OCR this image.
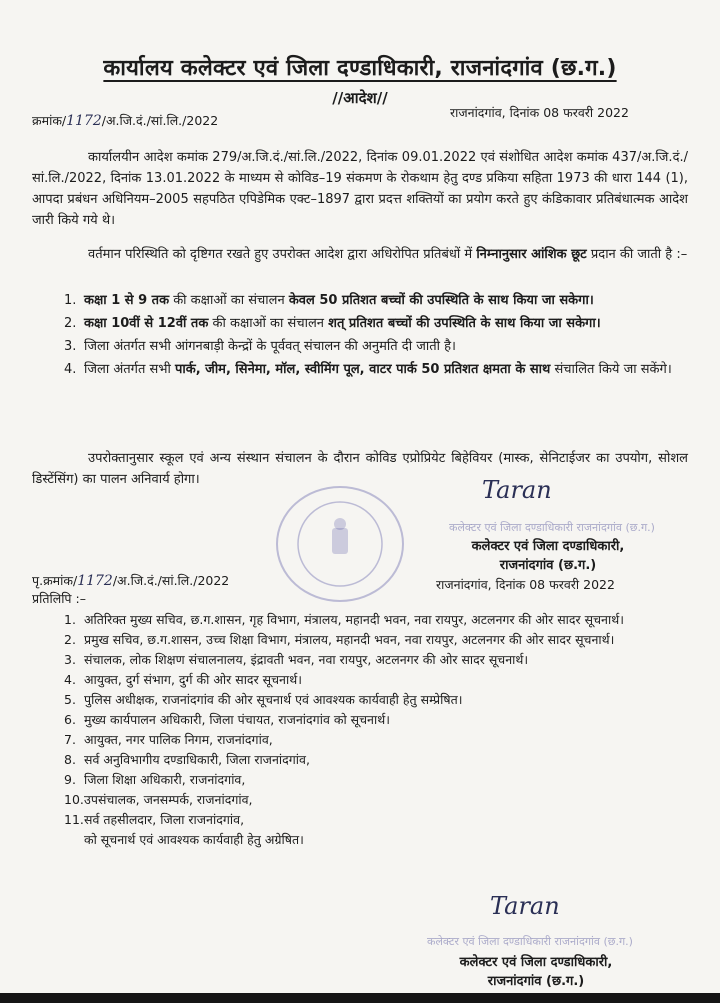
कार्यालय कलेक्टर एवं जिला दण्डाधिकारी, राजनांदगांव (छ.ग.)
//आदेश//
क्रमांक/1172/अ.जि.दं./सां.लि./2022
राजनांदगांव, दिनांक 08 फरवरी 2022
कार्यालयीन आदेश कमांक 279/अ.जि.दं./सां.लि./2022, दिनांक 09.01.2022 एवं संशोधित आदेश कमांक 437/अ.जि.दं./सां.लि./2022, दिनांक 13.01.2022 के माध्यम से कोविड–19 संकमण के रोकथाम हेतु दण्ड प्रकिया सहिता 1973 की धारा 144 (1), आपदा प्रबंधन अधिनियम–2005 सहपठित एपिडेमिक एक्ट–1897 द्वारा प्रदत्त शक्तियों का प्रयोग करते हुए कंडिकावार प्रतिबंधात्मक आदेश जारी किये गये थे।
वर्तमान परिस्थिति को दृष्टिगत रखते हुए उपरोक्त आदेश द्वारा अधिरोपित प्रतिबंधों में निम्नानुसार आंशिक छूट प्रदान की जाती है :–
1. कक्षा 1 से 9 तक की कक्षाओं का संचालन केवल 50 प्रतिशत बच्चों की उपस्थिति के साथ किया जा सकेगा।
2. कक्षा 10वीं से 12वीं तक की कक्षाओं का संचालन शत् प्रतिशत बच्चों की उपस्थिति के साथ किया जा सकेगा।
3. जिला अंतर्गत सभी आंगनबाड़ी केन्द्रों के पूर्ववत् संचालन की अनुमति दी जाती है।
4. जिला अंतर्गत सभी पार्क, जीम, सिनेमा, मॉल, स्वीमिंग पूल, वाटर पार्क 50 प्रतिशत क्षमता के साथ संचालित किये जा सकेंगे।
उपरोक्तानुसार स्कूल एवं अन्य संस्थान संचालन के दौरान कोविड एप्रोप्रियेट बिहेवियर (मास्क, सेनिटाईजर का उपयोग, सोशल डिस्टेंसिंग) का पालन अनिवार्य होगा।	Taran
कलेक्टर एवं जिला दण्डाधिकारी राजनांदगांव (छ.ग.)
कलेक्टर एवं जिला दण्डाधिकारी,
राजनांदगांव (छ.ग.)
पृ.क्रमांक/1172/अ.जि.दं./सां.लि./2022	राजनांदगांव, दिनांक 08 फरवरी 2022
प्रतिलिपि :–
1. अतिरिक्त मुख्य सचिव, छ.ग.शासन, गृह विभाग, मंत्रालय, महानदी भवन, नवा रायपुर, अटलनगर की ओर सादर सूचनार्थ।
2. प्रमुख सचिव, छ.ग.शासन, उच्च शिक्षा विभाग, मंत्रालय, महानदी भवन, नवा रायपुर, अटलनगर की ओर सादर सूचनार्थ।
3. संचालक, लोक शिक्षण संचालनालय, इंद्रावती भवन, नवा रायपुर, अटलनगर की ओर सादर सूचनार्थ।
4. आयुक्त, दुर्ग संभाग, दुर्ग की ओर सादर सूचनार्थ।
5. पुलिस अधीक्षक, राजनांदगांव की ओर सूचनार्थ एवं आवश्यक कार्यवाही हेतु सम्प्रेषित।
6. मुख्य कार्यपालन अधिकारी, जिला पंचायत, राजनांदगांव को सूचनार्थ।
7. आयुक्त, नगर पालिक निगम, राजनांदगांव,
8. सर्व अनुविभागीय दण्डाधिकारी, जिला राजनांदगांव,
9. जिला शिक्षा अधिकारी, राजनांदगांव,
10. उपसंचालक, जनसम्पर्क, राजनांदगांव,
11. सर्व तहसीलदार, जिला राजनांदगांव,
को सूचनार्थ एवं आवश्यक कार्यवाही हेतु अग्रेषित।
Taran
कलेक्टर एवं जिला दण्डाधिकारी राजनांदगांव (छ.ग.)
कलेक्टर एवं जिला दण्डाधिकारी,
राजनांदगांव (छ.ग.)
